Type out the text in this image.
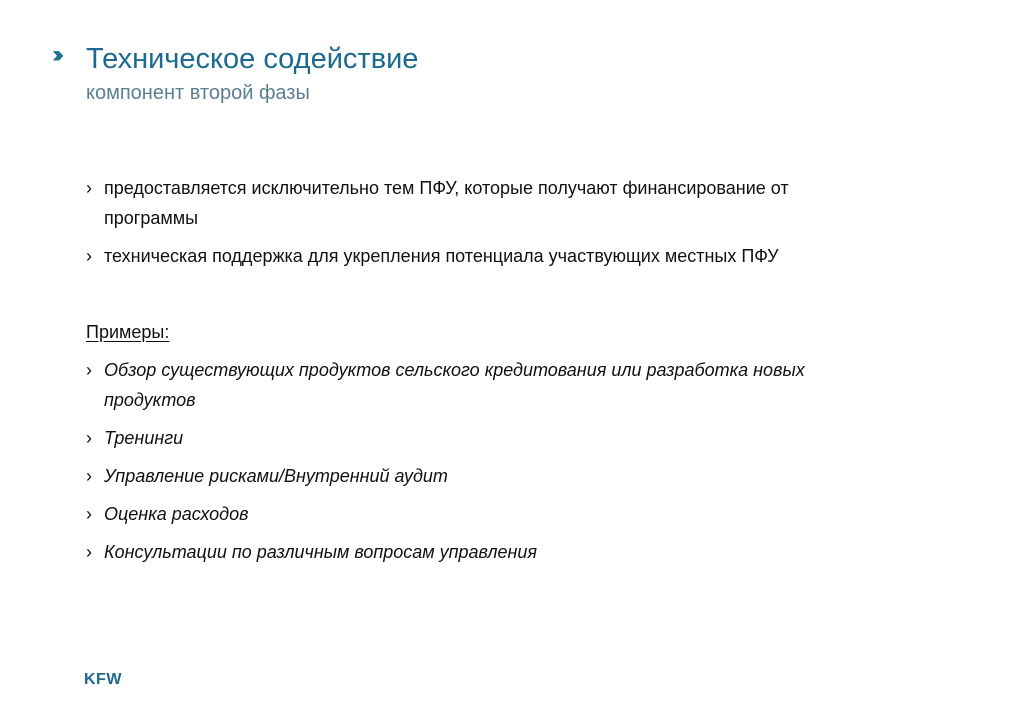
››› Техническое содействие
компонент второй фазы
› предоставляется исключительно тем ПФУ, которые получают финансирование от программы
› техническая поддержка для укрепления потенциала участвующих местных ПФУ
Примеры:
› Обзор существующих продуктов сельского кредитования или разработка новых продуктов
› Тренинги
› Управление рисками/Внутренний аудит
› Оценка расходов
› Консультации по различным вопросам управления
KFW
